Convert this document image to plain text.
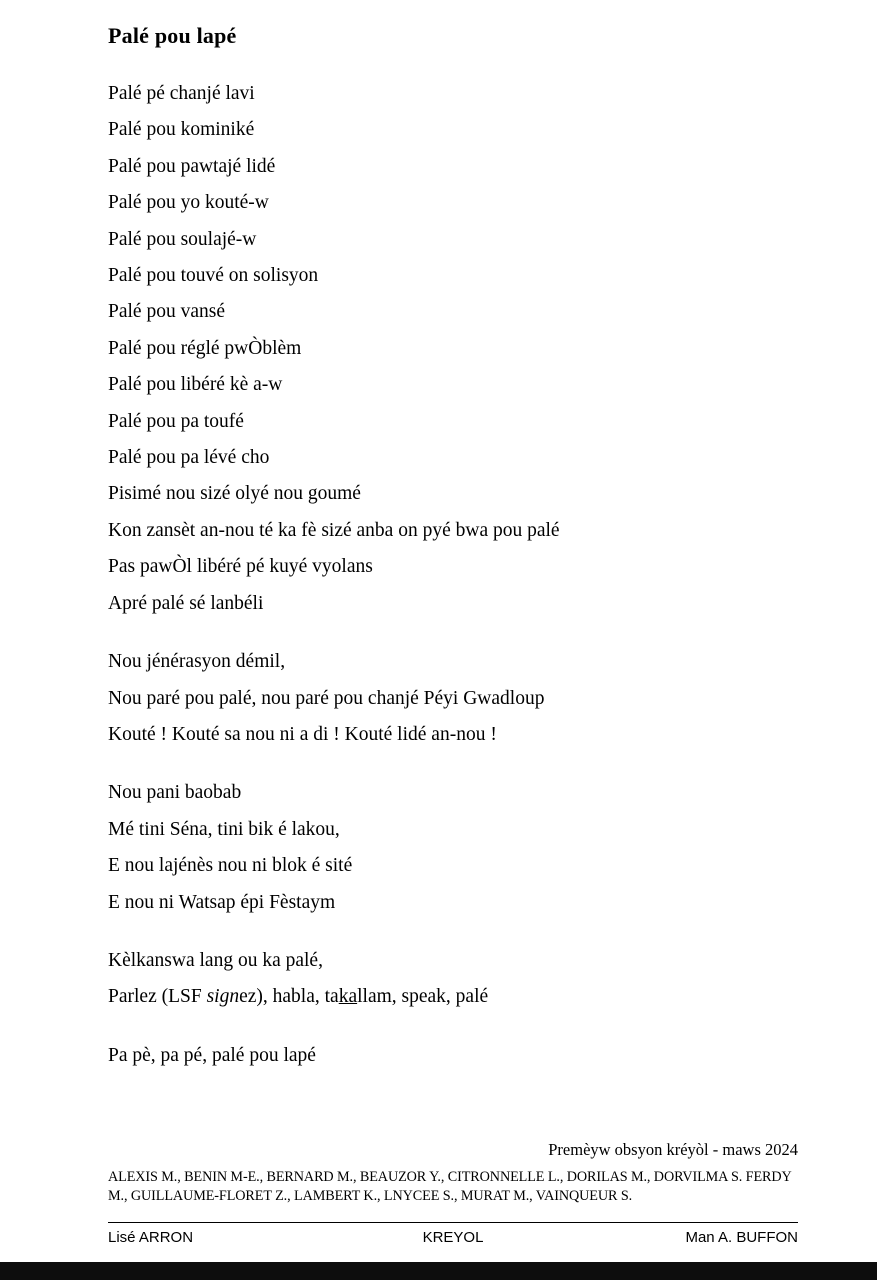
Palé pou lapé
Palé pé chanjé lavi
Palé pou kominiké
Palé pou pawtajé lidé
Palé pou yo kouté-w
Palé pou soulajé-w
Palé pou touvé on solisyon
Palé pou vansé
Palé pou réglé pwÒblèm
Palé pou libéré kè a-w
Palé pou pa toufé
Palé pou pa lévé cho
Pisimé nou sizé olyé nou goumé
Kon zansèt an-nou té ka fè sizé anba on pyé bwa pou palé
Pas pawÒl libéré pé kuyé vyolans
Apré palé sé lanbéli
Nou jénérasyon démil,
Nou paré pou palé, nou paré pou chanjé Péyi Gwadloup
Kouté ! Kouté sa nou ni a di ! Kouté lidé an-nou !
Nou pani baobab
Mé tini Séna, tini bik é lakou,
E nou lajénès nou ni blok é sité
E nou ni Watsap épi Fèstaym
Kèlkanswa lang ou ka palé,
Parlez (LSF signez), habla, takallam, speak, palé
Pa pè, pa pé, palé pou lapé
Premèyw obsyon kréyòl - maws 2024
ALEXIS M., BENIN M-E., BERNARD M., BEAUZOR Y., CITRONNELLE L., DORILAS M., DORVILMA S. FERDY M., GUILLAUME-FLORET Z., LAMBERT K., LNYCEE S., MURAT M., VAINQUEUR S.
Lisé ARRON	KREYOL	Man A. BUFFON
